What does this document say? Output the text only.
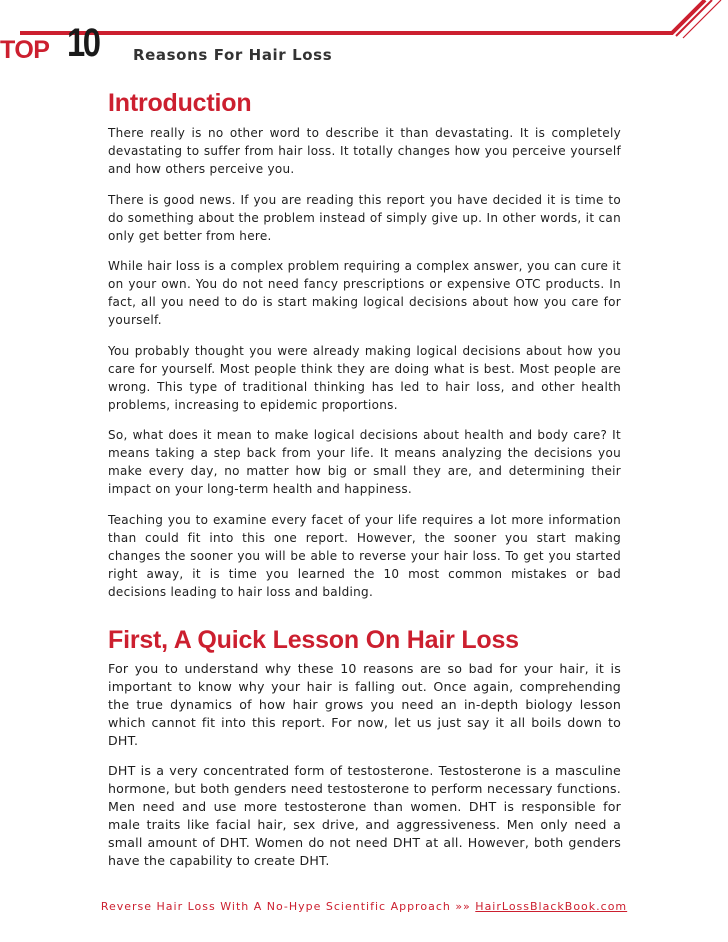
TOP 10 Reasons For Hair Loss
Introduction

There really is no other word to describe it than devastating. It is completely devastating to suffer from hair loss. It totally changes how you perceive yourself and how others perceive you.

There is good news. If you are reading this report you have decided it is time to do something about the problem instead of simply give up. In other words, it can only get better from here.

While hair loss is a complex problem requiring a complex answer, you can cure it on your own. You do not need fancy prescriptions or expensive OTC products. In fact, all you need to do is start making logical decisions about how you care for yourself.

You probably thought you were already making logical decisions about how you care for yourself. Most people think they are doing what is best. Most people are wrong. This type of traditional thinking has led to hair loss, and other health problems, increasing to epidemic proportions.

So, what does it mean to make logical decisions about health and body care? It means taking a step back from your life. It means analyzing the decisions you make every day, no matter how big or small they are, and determining their impact on your long-term health and happiness.

Teaching you to examine every facet of your life requires a lot more information than could fit into this one report. However, the sooner you start making changes the sooner you will be able to reverse your hair loss. To get you started right away, it is time you learned the 10 most common mistakes or bad decisions leading to hair loss and balding.

First, A Quick Lesson On Hair Loss

For you to understand why these 10 reasons are so bad for your hair, it is important to know why your hair is falling out. Once again, comprehending the true dynamics of how hair grows you need an in-depth biology lesson which cannot fit into this report. For now, let us just say it all boils down to DHT.

DHT is a very concentrated form of testosterone. Testosterone is a masculine hormone, but both genders need testosterone to perform necessary functions. Men need and use more testosterone than women. DHT is responsible for male traits like facial hair, sex drive, and aggressiveness. Men only need a small amount of DHT. Women do not need DHT at all. However, both genders have the capability to create DHT.

Reverse Hair Loss With A No-Hype Scientific Approach »» HairLossBlackBook.com
